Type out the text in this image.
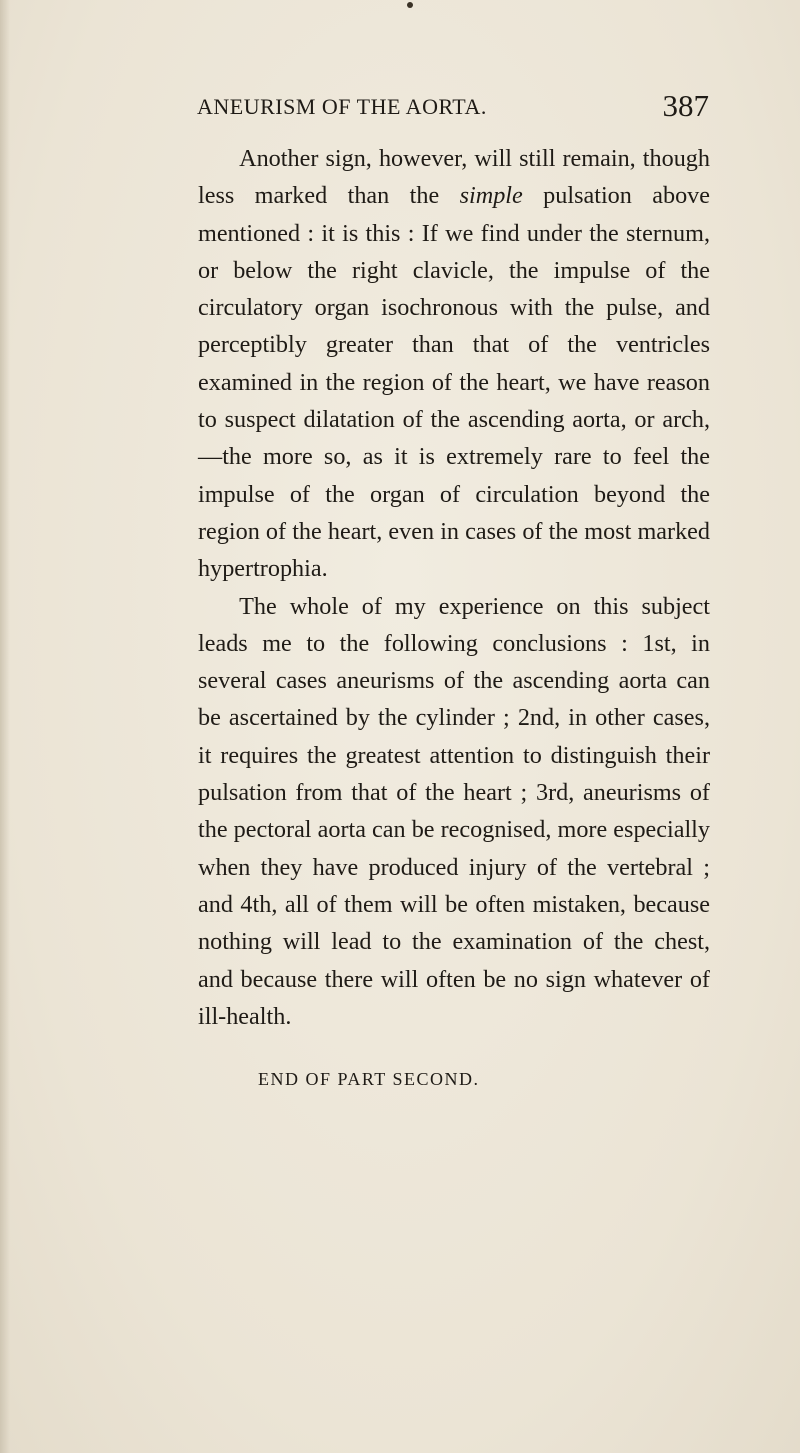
ANEURISM OF THE AORTA.	387

Another sign, however, will still remain, though less marked than the simple pulsation above mentioned : it is this : If we find under the sternum, or below the right clavicle, the impulse of the circulatory organ isochronous with the pulse, and perceptibly greater than that of the ventricles examined in the region of the heart, we have reason to suspect dilatation of the ascending aorta, or arch,—the more so, as it is extremely rare to feel the impulse of the organ of circulation beyond the region of the heart, even in cases of the most marked hypertrophia.

The whole of my experience on this subject leads me to the following conclusions : 1st, in several cases aneurisms of the ascending aorta can be ascertained by the cylinder ; 2nd, in other cases, it requires the greatest attention to distinguish their pulsation from that of the heart ; 3rd, aneurisms of the pectoral aorta can be recognised, more especially when they have produced injury of the vertebral ; and 4th, all of them will be often mistaken, because nothing will lead to the examination of the chest, and because there will often be no sign whatever of ill-health.

END OF PART SECOND.
